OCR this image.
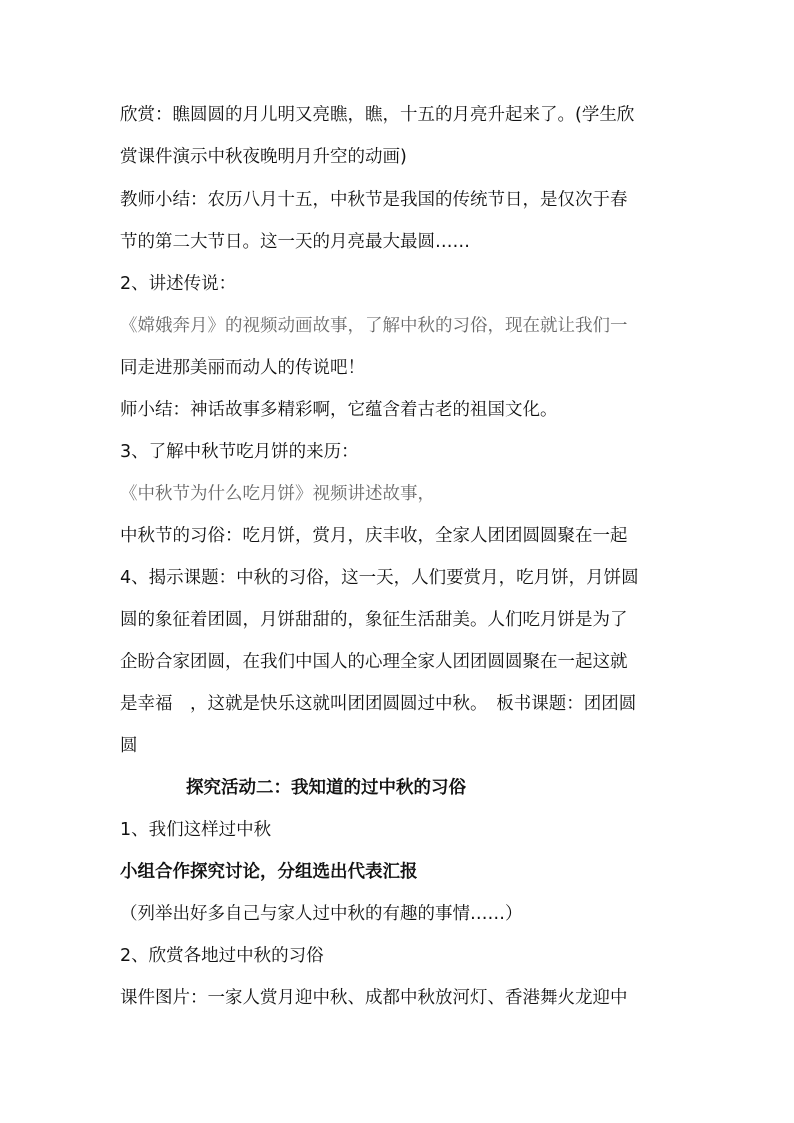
欣赏：瞧圆圆的月儿明又亮瞧，瞧，十五的月亮升起来了。(学生欣
赏课件演示中秋夜晚明月升空的动画)
教师小结：农历八月十五，中秋节是我国的传统节日，是仅次于春
节的第二大节日。这一天的月亮最大最圆……
2、讲述传说：
《嫦娥奔月》的视频动画故事，了解中秋的习俗，现在就让我们一
同走进那美丽而动人的传说吧！
师小结：神话故事多精彩啊，它蕴含着古老的祖国文化。
3、了解中秋节吃月饼的来历：
《中秋节为什么吃月饼》视频讲述故事，
中秋节的习俗：吃月饼，赏月，庆丰收，全家人团团圆圆聚在一起
4、揭示课题：中秋的习俗，这一天，人们要赏月，吃月饼，月饼圆
圆的象征着团圆，月饼甜甜的，象征生活甜美。人们吃月饼是为了
企盼合家团圆，在我们中国人的心理全家人团团圆圆聚在一起这就
是幸福　，这就是快乐这就叫团团圆圆过中秋。　板书课题：团团圆
圆
探究活动二：我知道的过中秋的习俗
1、我们这样过中秋
小组合作探究讨论，分组选出代表汇报
（列举出好多自己与家人过中秋的有趣的事情……）
2、欣赏各地过中秋的习俗
课件图片：一家人赏月迎中秋、成都中秋放河灯、香港舞火龙迎中
